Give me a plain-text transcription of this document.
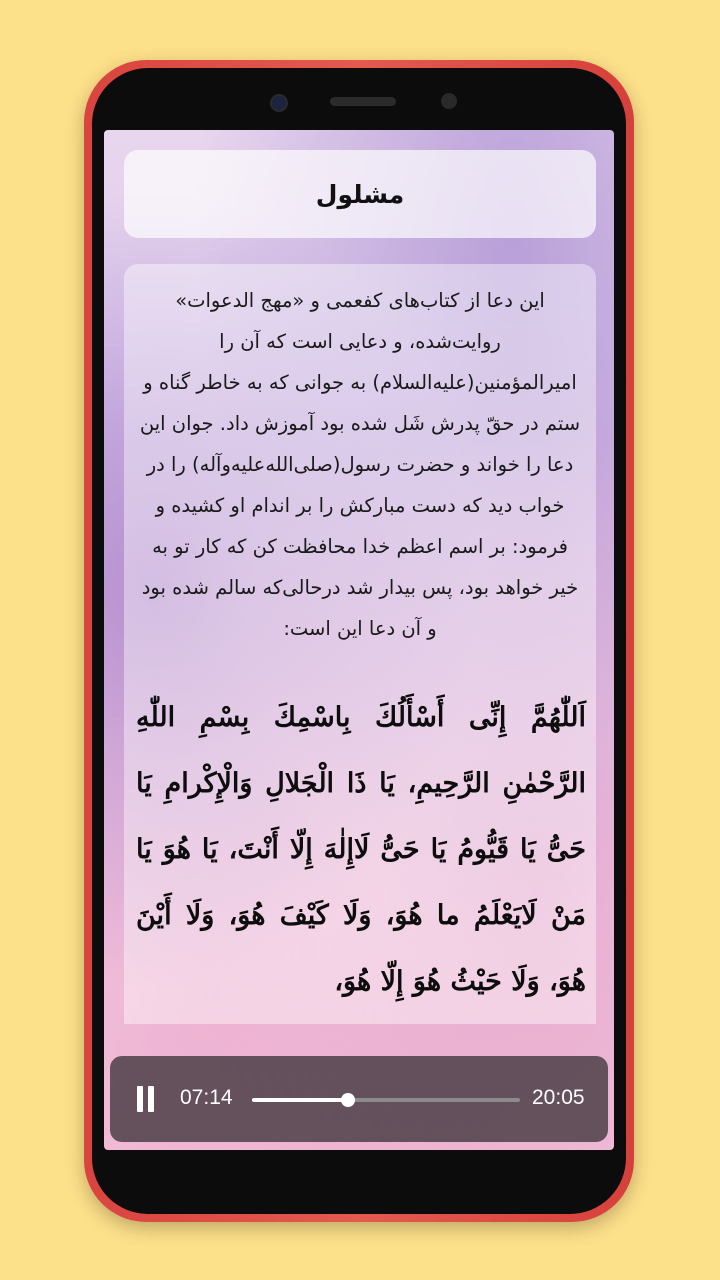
مشلول
این دعا از کتاب‌های کفعمی و «مهج الدعوات» روایت‌شده، و دعایی است که آن را امیرالمؤمنین(علیه‌السلام) به جوانی که به خاطر گناه و ستم در حقّ پدرش شَل شده بود آموزش داد. جوان این دعا را خواند و حضرت رسول(صلی‌الله‌علیه‌وآله) را در خواب دید که دست مبارکش را بر اندام او کشیده و فرمود: بر اسم اعظم خدا محافظت کن که کار تو به خیر خواهد بود، پس بیدار شد درحالی‌که سالم شده بود و آن دعا این است:
اَللّٰهُمَّ إِنِّى أَسْأَلُكَ بِاسْمِكَ بِسْمِ اللّٰهِ الرَّحْمٰنِ الرَّحِيمِ، يَا ذَا الْجَلالِ وَالْإِكْرامِ يَا حَىُّ يَا قَيُّومُ يَا حَىُّ لَاإِلٰهَ إِلّا أَنْتَ، يَا هُوَ يَا مَنْ لَايَعْلَمُ ما هُوَ، وَلَا كَيْفَ هُوَ، وَلَا أَيْنَ هُوَ، وَلَا حَيْثُ هُوَ إِلّا هُوَ،
07:14	20:05
